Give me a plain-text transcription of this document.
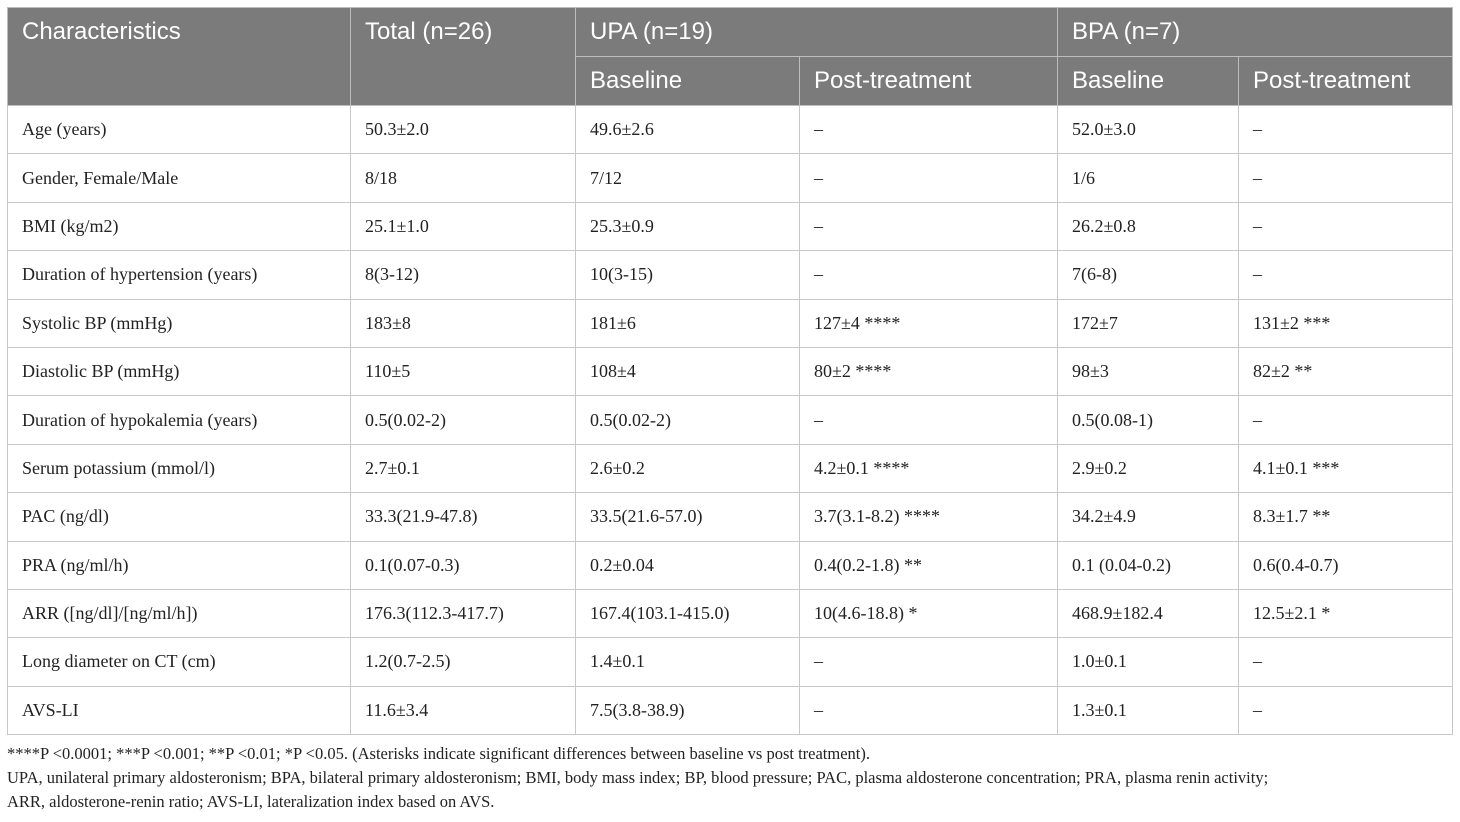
Characteristics	Total (n=26)	UPA (n=19)		BPA (n=7)	
		Baseline	Post-treatment	Baseline	Post-treatment
Age (years)	50.3±2.0	49.6±2.6	–	52.0±3.0	–
Gender, Female/Male	8/18	7/12	–	1/6	–
BMI (kg/m2)	25.1±1.0	25.3±0.9	–	26.2±0.8	–
Duration of hypertension (years)	8(3-12)	10(3-15)	–	7(6-8)	–
Systolic BP (mmHg)	183±8	181±6	127±4 ****	172±7	131±2 ***
Diastolic BP (mmHg)	110±5	108±4	80±2 ****	98±3	82±2 **
Duration of hypokalemia (years)	0.5(0.02-2)	0.5(0.02-2)	–	0.5(0.08-1)	–
Serum potassium (mmol/l)	2.7±0.1	2.6±0.2	4.2±0.1 ****	2.9±0.2	4.1±0.1 ***
PAC (ng/dl)	33.3(21.9-47.8)	33.5(21.6-57.0)	3.7(3.1-8.2) ****	34.2±4.9	8.3±1.7 **
PRA (ng/ml/h)	0.1(0.07-0.3)	0.2±0.04	0.4(0.2-1.8) **	0.1 (0.04-0.2)	0.6(0.4-0.7)
ARR ([ng/dl]/[ng/ml/h])	176.3(112.3-417.7)	167.4(103.1-415.0)	10(4.6-18.8) *	468.9±182.4	12.5±2.1 *
Long diameter on CT (cm)	1.2(0.7-2.5)	1.4±0.1	–	1.0±0.1	–
AVS-LI	11.6±3.4	7.5(3.8-38.9)	–	1.3±0.1	–

****P <0.0001; ***P <0.001; **P <0.01; *P <0.05. (Asterisks indicate significant differences between baseline vs post treatment).

UPA, unilateral primary aldosteronism; BPA, bilateral primary aldosteronism; BMI, body mass index; BP, blood pressure; PAC, plasma aldosterone concentration; PRA, plasma renin activity;

ARR, aldosterone-renin ratio; AVS-LI, lateralization index based on AVS.
